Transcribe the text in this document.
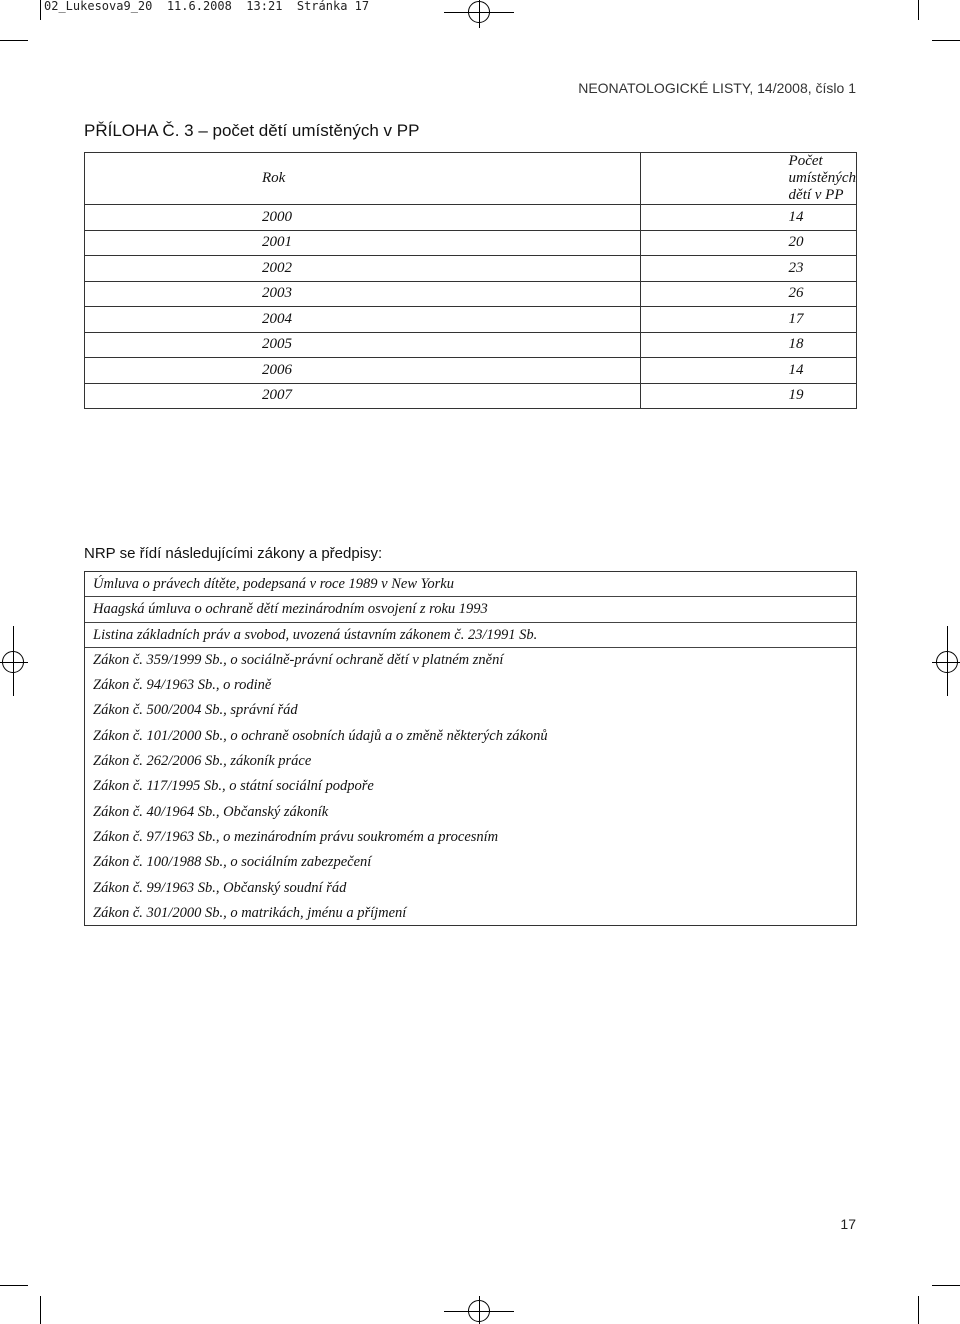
02_Lukesova9_20  11.6.2008  13:21  Stránka 17
NEONATOLOGICKÉ LISTY, 14/2008, číslo 1
PŘÍLOHA Č. 3 – počet dětí umístěných v PP
Rok	Počet umístěných dětí v PP
2000	14
2001	20
2002	23
2003	26
2004	17
2005	18
2006	14
2007	19
NRP se řídí následujícími zákony a předpisy:
Úmluva o právech dítěte, podepsaná v roce 1989 v New Yorku
Haagská úmluva o ochraně dětí mezinárodním osvojení z roku 1993
Listina základních práv a svobod, uvozená ústavním zákonem č. 23/1991 Sb.
Zákon č. 359/1999 Sb., o sociálně-právní ochraně dětí v platném znění
Zákon č. 94/1963 Sb., o rodině
Zákon č. 500/2004 Sb., správní řád
Zákon č. 101/2000 Sb., o ochraně osobních údajů a o změně některých zákonů
Zákon č. 262/2006 Sb., zákoník práce
Zákon č. 117/1995 Sb., o státní sociální podpoře
Zákon č. 40/1964 Sb., Občanský zákoník
Zákon č. 97/1963 Sb., o mezinárodním právu soukromém a procesním
Zákon č. 100/1988 Sb., o sociálním zabezpečení
Zákon č. 99/1963 Sb., Občanský soudní řád
Zákon č. 301/2000 Sb., o matrikách, jménu a příjmení
17
